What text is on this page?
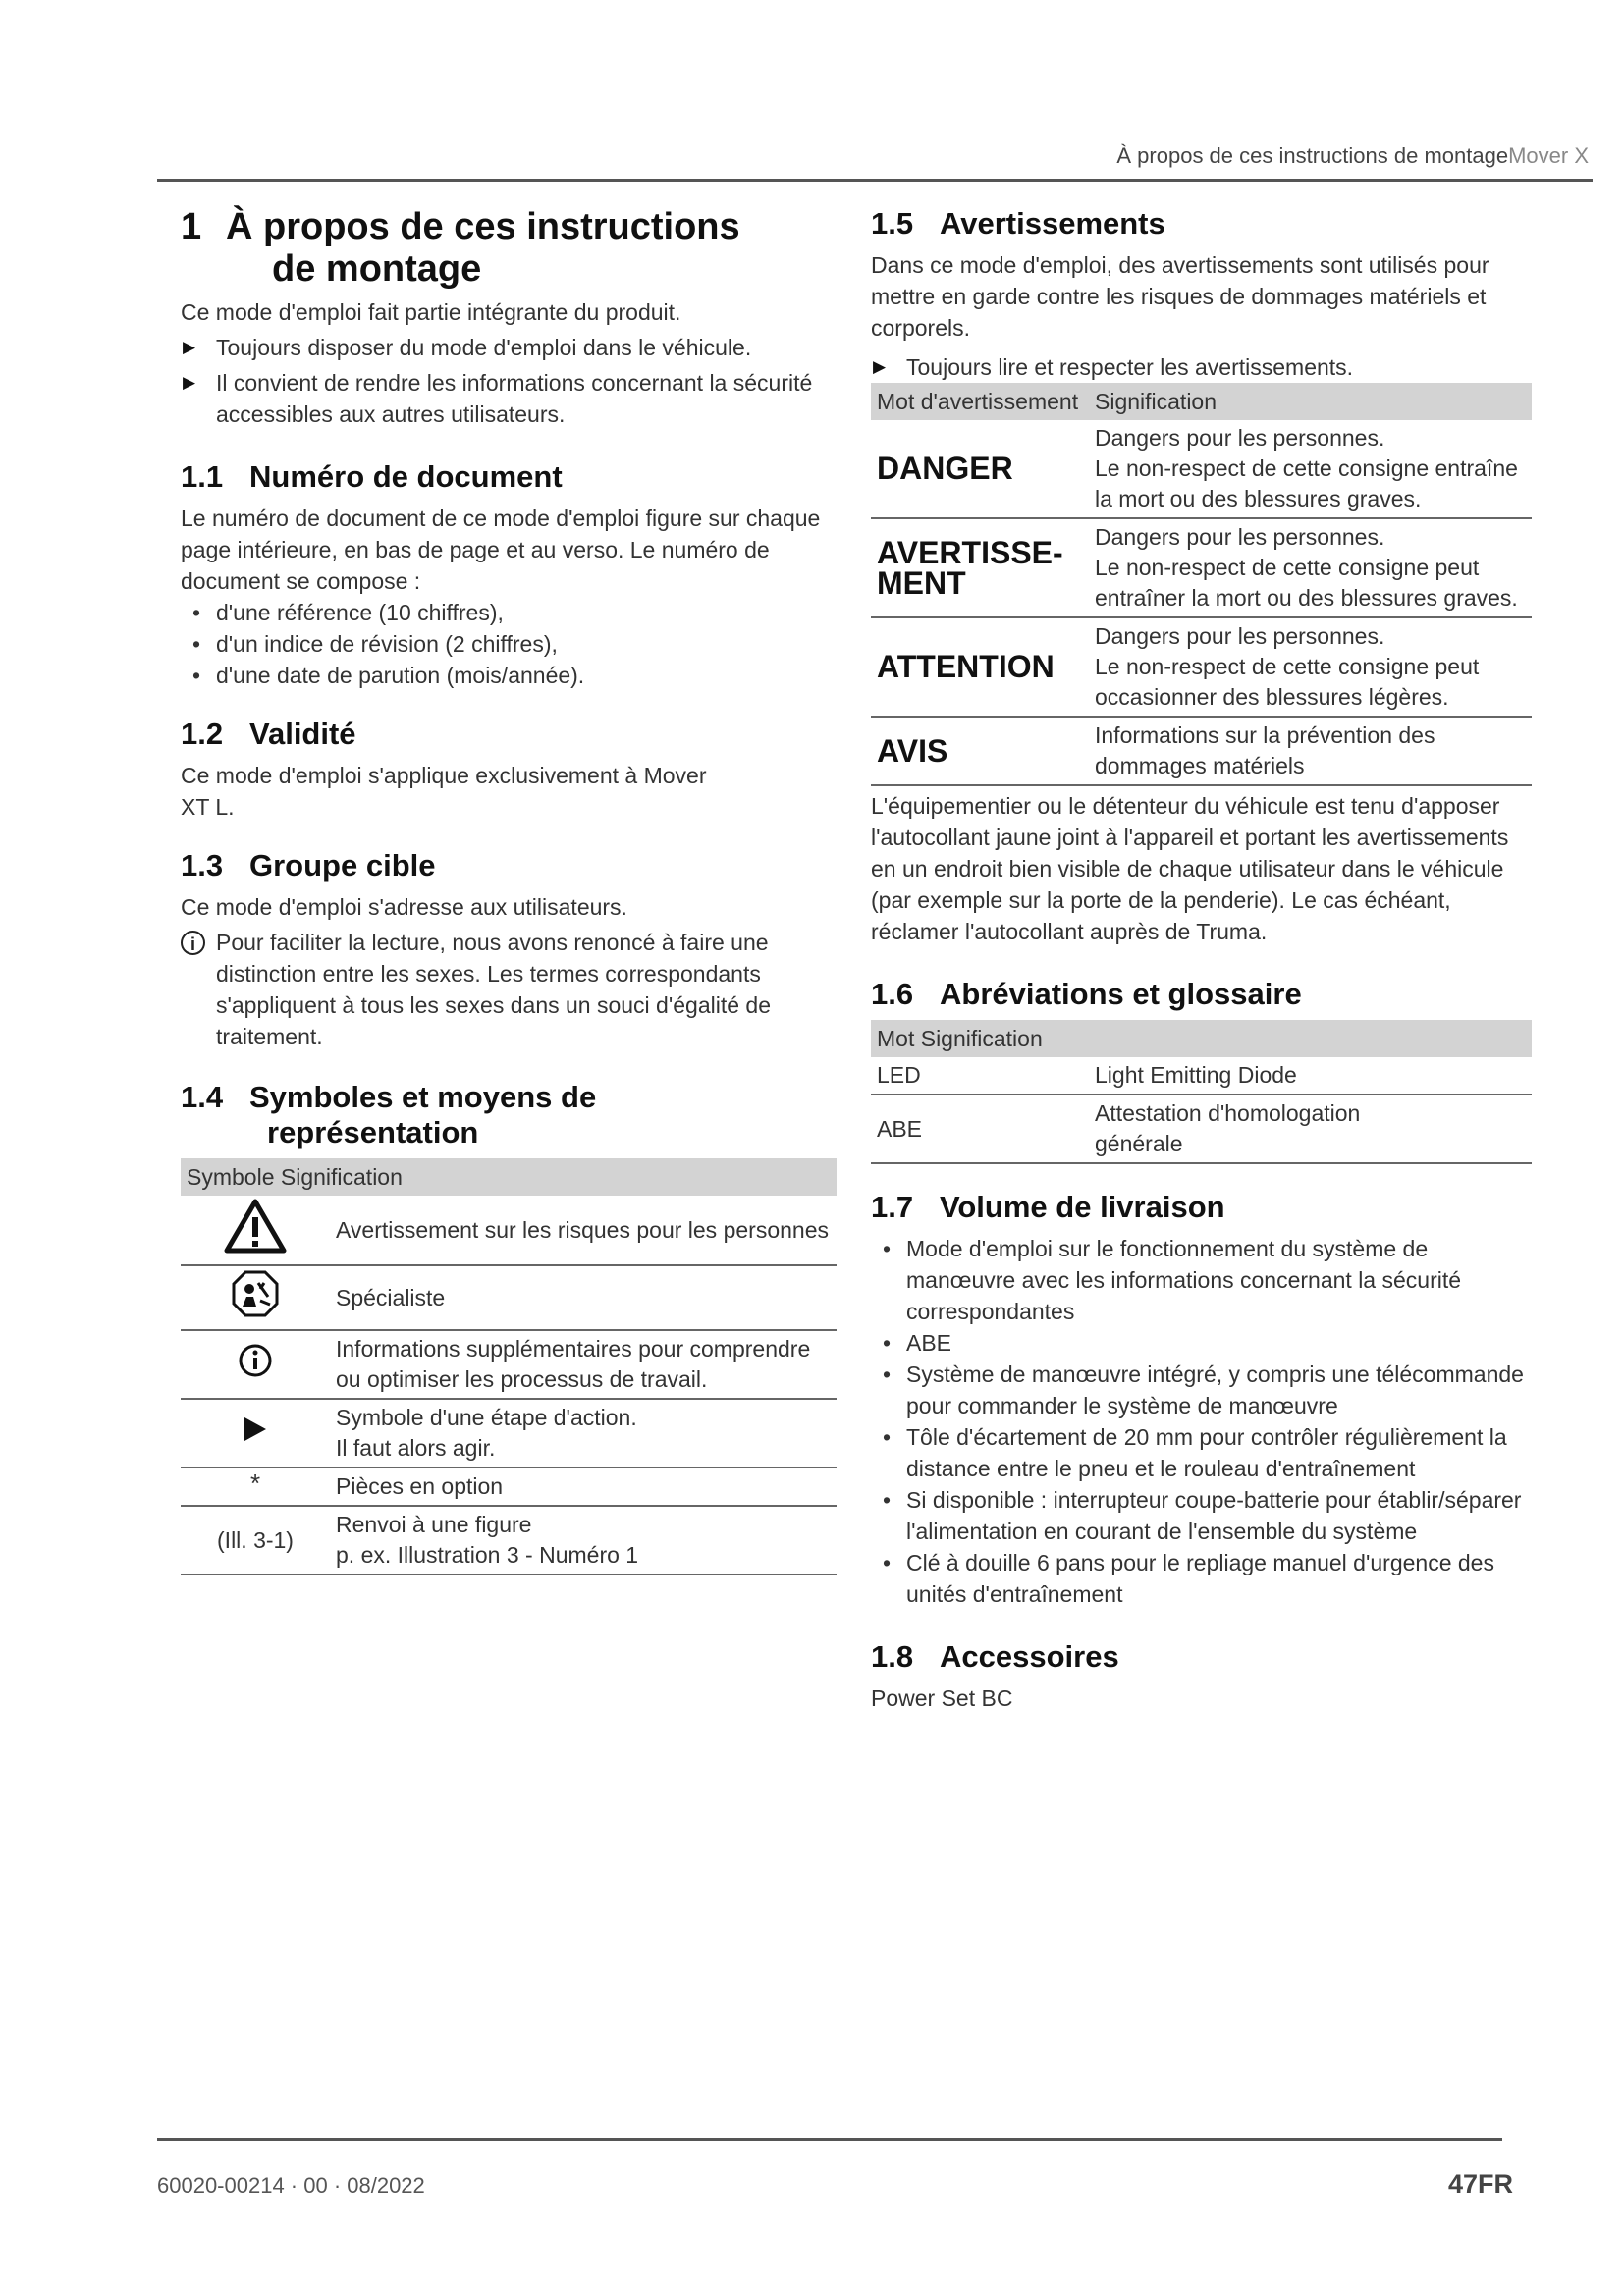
À propos de ces instructions de montageMover X
1 À propos de ces instructions
de montage

Ce mode d'emploi fait partie intégrante du produit.

▶ Toujours disposer du mode d'emploi dans le véhicule.
▶ Il convient de rendre les informations concernant la sécurité accessibles aux autres utilisateurs.
1.1 Numéro de document

Le numéro de document de ce mode d'emploi figure sur chaque page intérieure, en bas de page et au verso. Le numéro de document se compose :

• d'une référence (10 chiffres),
• d'un indice de révision (2 chiffres),
• d'une date de parution (mois/année).
1.2 Validité

Ce mode d'emploi s'applique exclusivement à Mover XT L.

1.3 Groupe cible

Ce mode d'emploi s'adresse aux utilisateurs.

i Pour faciliter la lecture, nous avons renoncé à faire une distinction entre les sexes. Les termes correspondants s'appliquent à tous les sexes dans un souci d'égalité de traitement.
1.4 Symboles et moyens de
représentation
Symbole Signification	
	Avertissement sur les risques pour les personnes
	Spécialiste
	Informations supplémentaires pour comprendre ou optimiser les processus de travail.
	Symbole d'une étape d'action.
Il faut alors agir.
*	Pièces en option
(Ill. 3-1)	Renvoi à une figure
p. ex. Illustration 3 - Numéro 1
1.5 Avertissements

Dans ce mode d'emploi, des avertissements sont utilisés pour mettre en garde contre les risques de dommages matériels et corporels.

▶ Toujours lire et respecter les avertissements.
Mot d'avertissement	Signification
DANGER	Dangers pour les personnes.
Le non-respect de cette consigne entraîne la mort ou des blessures graves.
AVERTISSE-MENT	Dangers pour les personnes.
Le non-respect de cette consigne peut entraîner la mort ou des blessures graves.
ATTENTION	Dangers pour les personnes.
Le non-respect de cette consigne peut occasionner des blessures légères.
AVIS	Informations sur la prévention des dommages matériels

L'équipementier ou le détenteur du véhicule est tenu d'apposer l'autocollant jaune joint à l'appareil et portant les avertissements en un endroit bien visible de chaque utilisateur dans le véhicule (par exemple sur la porte de la penderie). Le cas échéant, réclamer l'autocollant auprès de Truma.

1.6 Abréviations et glossaire
Mot Signification	
LED	Light Emitting Diode
ABE	Attestation d'homologation générale
1.7 Volume de livraison
• Mode d'emploi sur le fonctionnement du système de manœuvre avec les informations concernant la sécurité correspondantes
• ABE
• Système de manœuvre intégré, y compris une télécommande pour commander le système de manœuvre
• Tôle d'écartement de 20 mm pour contrôler régulièrement la distance entre le pneu et le rouleau d'entraînement
• Si disponible : interrupteur coupe-batterie pour établir/séparer l'alimentation en courant de l'ensemble du système
• Clé à douille 6 pans pour le repliage manuel d'urgence des unités d'entraînement
1.8 Accessoires

Power Set BC

60020-00214 · 00 · 08/2022	47FR
